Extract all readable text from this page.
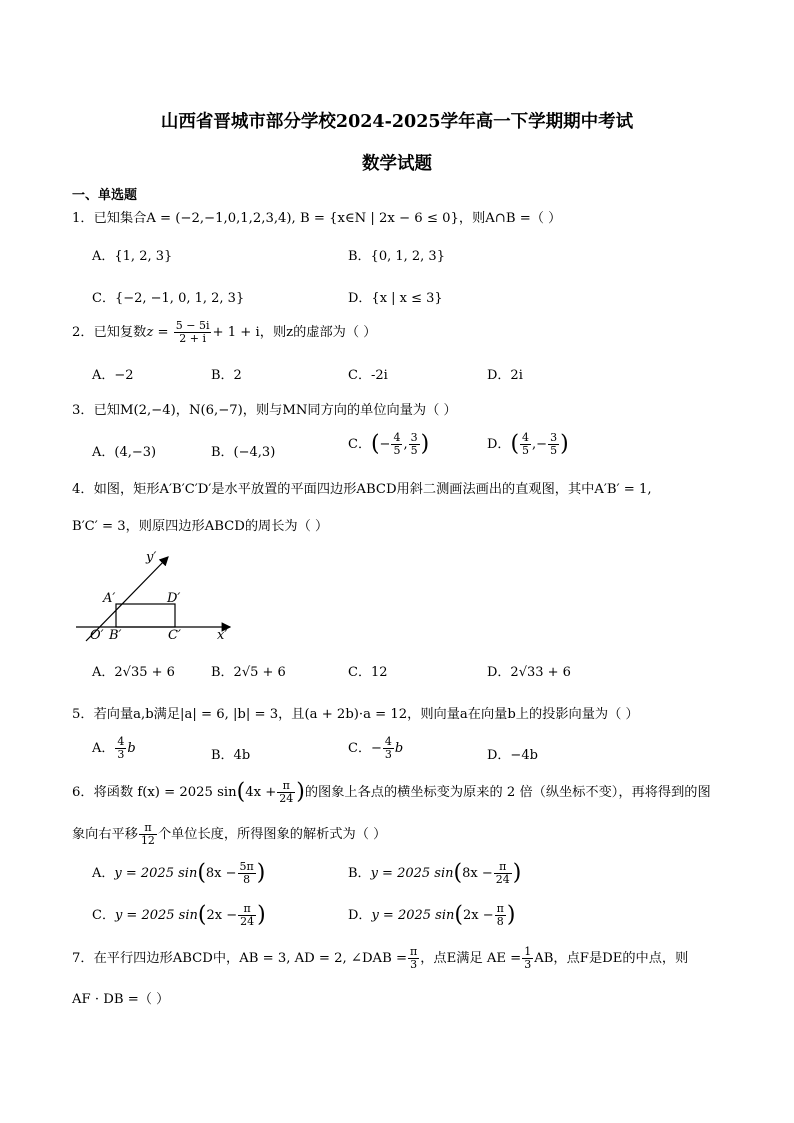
山西省晋城市部分学校2024-2025学年高一下学期期中考试
数学试题
一、单选题
1．已知集合A = (−2,−1,0,1,2,3,4), B = {x∈N | 2x − 6 ≤ 0}，则A∩B =（ ）
A．{1, 2, 3}	B．{0, 1, 2, 3}
C．{−2, −1, 0, 1, 2, 3}	D．{x | x ≤ 3}
2．已知复数$z = \frac{5 - 5i}{2 + i} + 1 + i$，则z的虚部为（ ）
A．−2	B．2	C．-2i	D．2i
3．已知M(2,−4)，N(6,−7)，则与MN同方向的单位向量为（ ）
A．(4,−3)	B．(−4,3)
C．(− $\frac{4}{5}$ , $\frac{3}{5}$ )	D．( $\frac{4}{5}$ ,− $\frac{3}{5}$ )
4．如图，矩形A′B′C′D′是水平放置的平面四边形ABCD用斜二测画法画出的直观图，其中A′B′ = 1,
B′C′ = 3，则原四边形ABCD的周长为（ ）
y′
A′	D′
O′ B′	C′	x′
A．2√35 + 6	B．2√5 + 6	C．12	D．2√33 + 6
5．若向量a,b满足|a| = 6, |b| = 3，且(a + 2b)·a = 12，则向量a在向量b上的投影向量为（ ）
A． $\frac{4}{3}$ b	B．4b	C．− $\frac{4}{3}$ b	D．−4b
6．将函数 f(x) = 2025 $\sin(4x + \frac{\pi}{24}$ )的图象上各点的横坐标变为原来的 2 倍（纵坐标不变），再将得到的图
象向右平移 $\frac{\pi}{12}$ 个单位长度，所得图象的解析式为（ ）
A．y = 2025 $\sin(8x - \frac{5\pi}{8}$ )	B．y = 2025 $\sin(8x - \frac{\pi}{24}$ )
C．y = 2025 $\sin(2x - \frac{\pi}{24}$ )	D．y = 2025 $\sin(2x - \frac{\pi}{8}$ )
7．在平行四边形ABCD中，AB = 3, AD = 2, ∠DAB = $\frac{\pi}{3}$ ，点E满足 AE = $\frac{1}{3}$ AB，点F是DE的中点，则
AF · DB =（ ）
